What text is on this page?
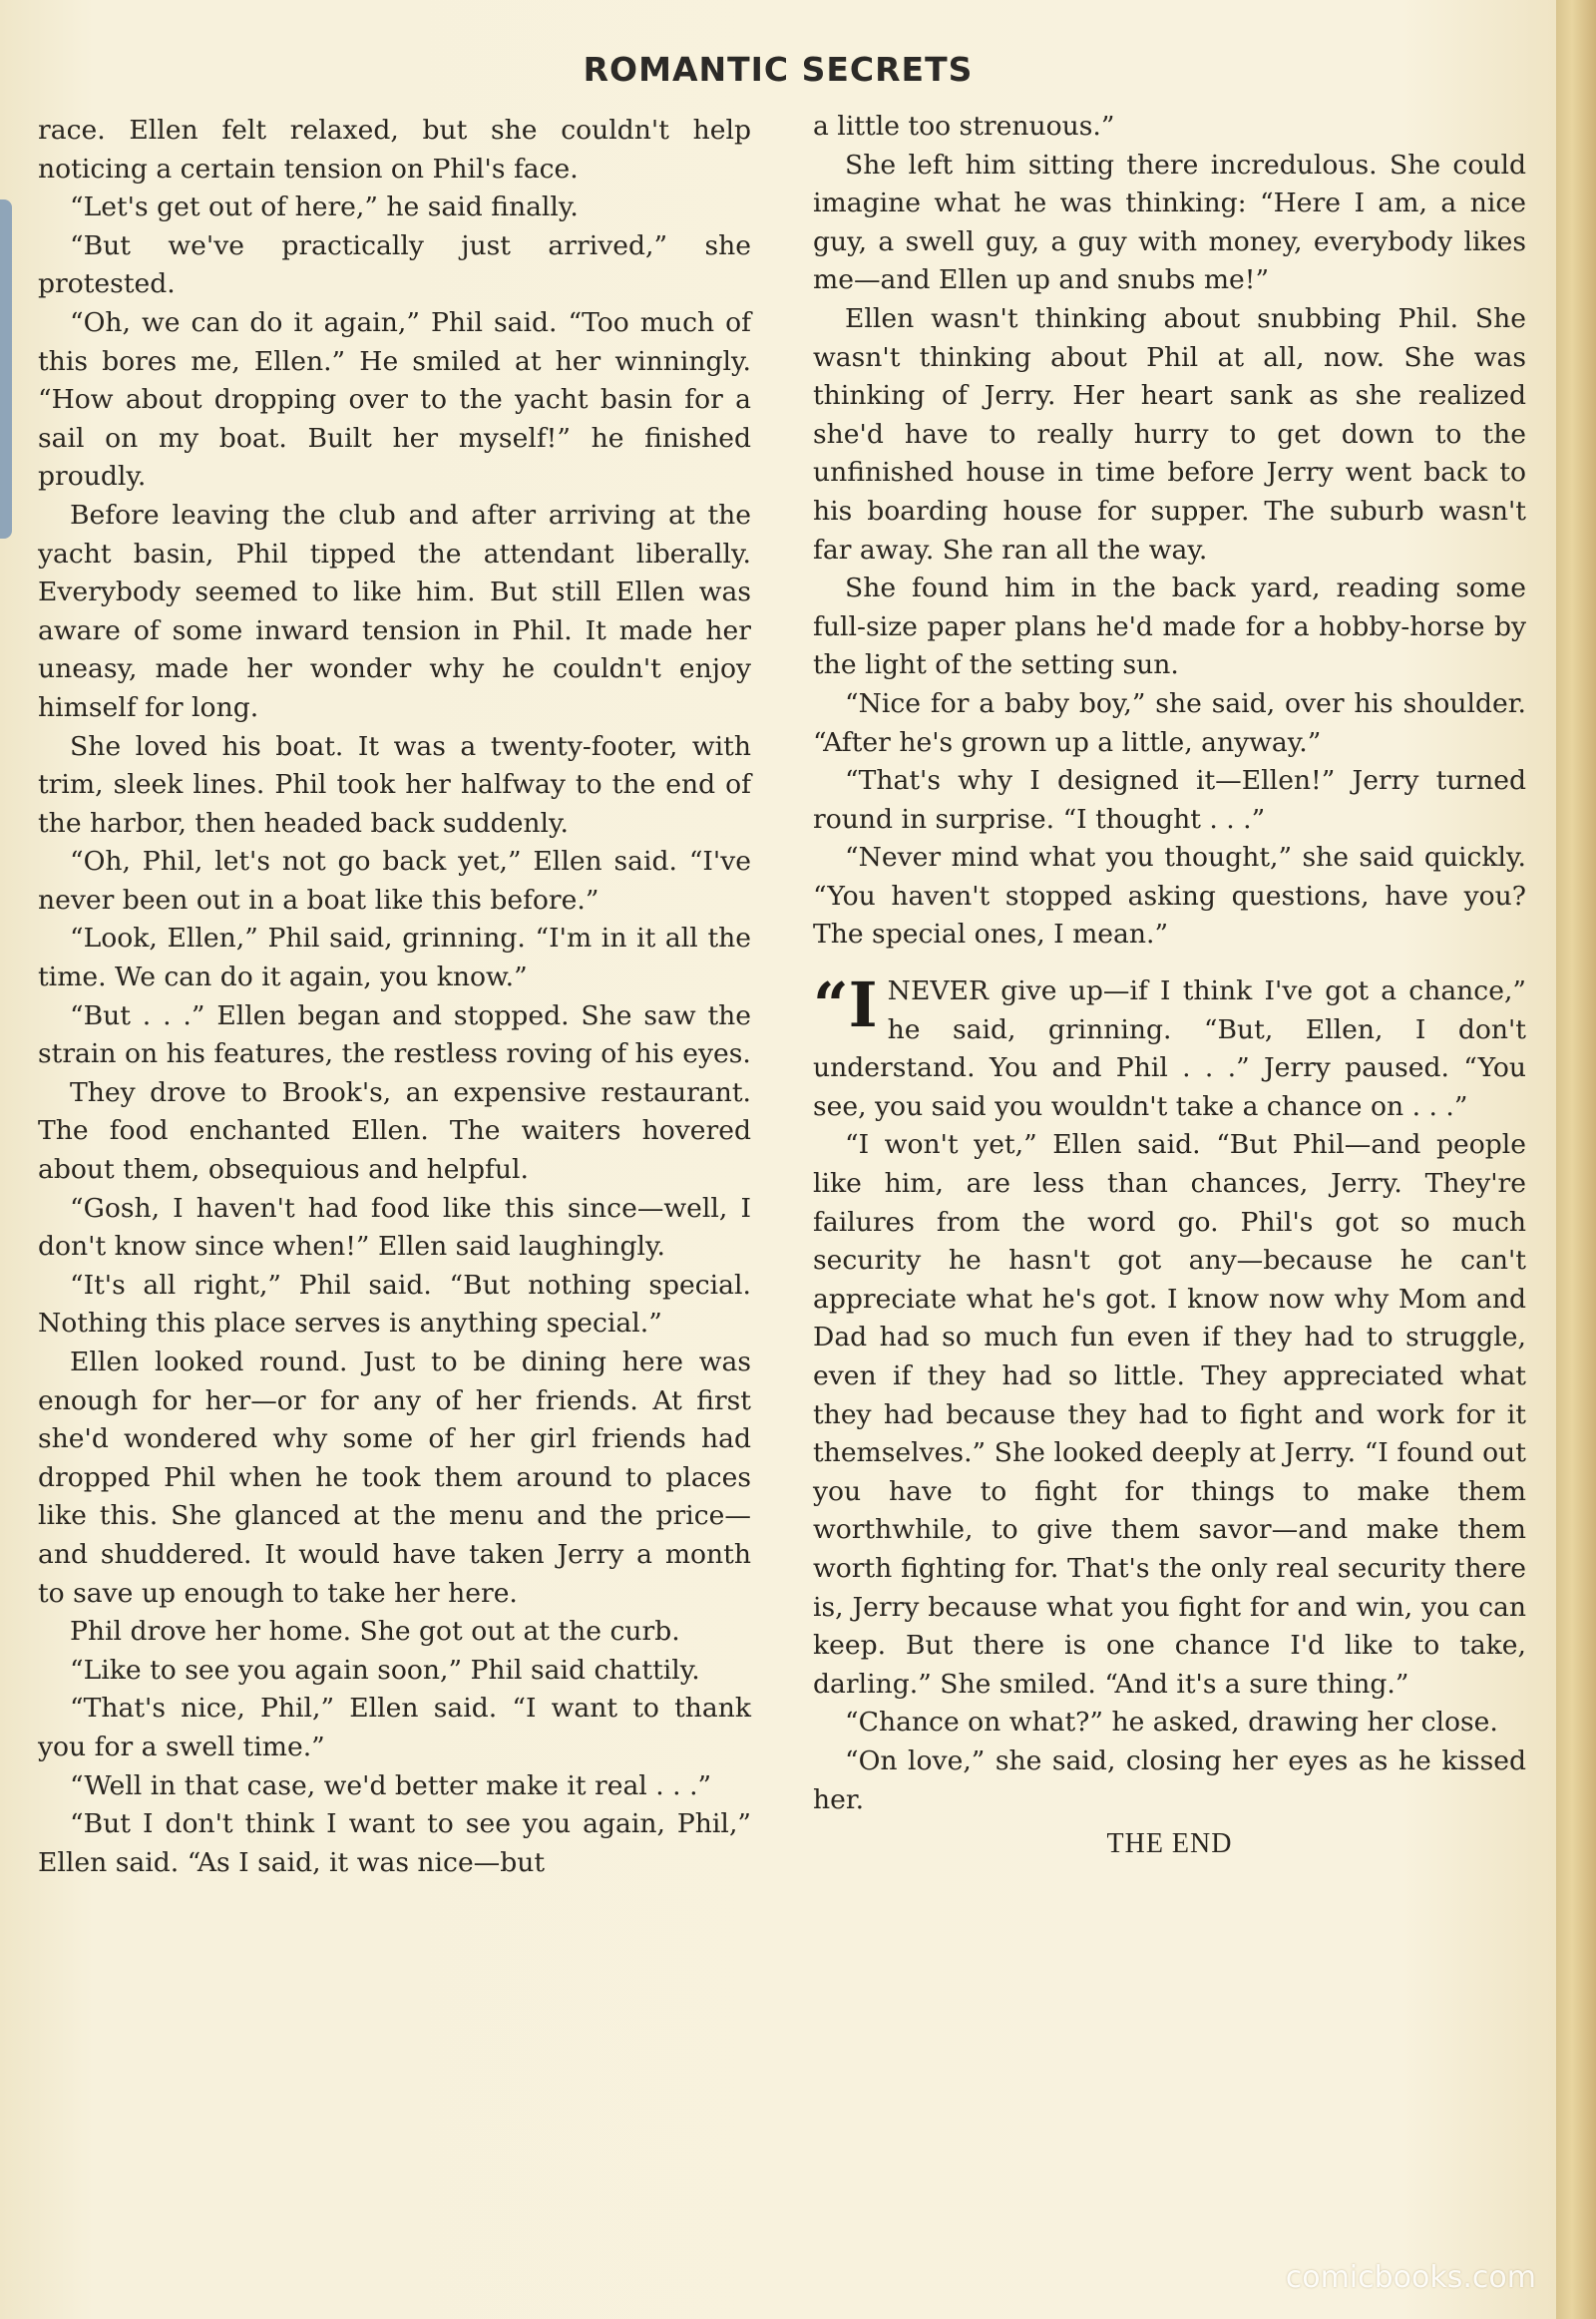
ROMANTIC SECRETS

race. Ellen felt relaxed, but she couldn't help noticing a certain tension on Phil's face.

“Let's get out of here,” he said finally.

“But we've practically just arrived,” she protested.

“Oh, we can do it again,” Phil said. “Too much of this bores me, Ellen.” He smiled at her winningly. “How about dropping over to the yacht basin for a sail on my boat. Built her myself!” he finished proudly.

Before leaving the club and after arriving at the yacht basin, Phil tipped the attendant liberally. Everybody seemed to like him. But still Ellen was aware of some inward tension in Phil. It made her uneasy, made her wonder why he couldn't enjoy himself for long.

She loved his boat. It was a twenty-footer, with trim, sleek lines. Phil took her halfway to the end of the harbor, then headed back suddenly.

“Oh, Phil, let's not go back yet,” Ellen said. “I've never been out in a boat like this before.”

“Look, Ellen,” Phil said, grinning. “I'm in it all the time. We can do it again, you know.”

“But . . .” Ellen began and stopped. She saw the strain on his features, the restless roving of his eyes.

They drove to Brook's, an expensive restaurant. The food enchanted Ellen. The waiters hovered about them, obsequious and helpful.

“Gosh, I haven't had food like this since—well, I don't know since when!” Ellen said laughingly.

“It's all right,” Phil said. “But nothing special. Nothing this place serves is anything special.”

Ellen looked round. Just to be dining here was enough for her—or for any of her friends. At first she'd wondered why some of her girl friends had dropped Phil when he took them around to places like this. She glanced at the menu and the price—and shuddered. It would have taken Jerry a month to save up enough to take her here.

Phil drove her home. She got out at the curb.

“Like to see you again soon,” Phil said chattily.

“That's nice, Phil,” Ellen said. “I want to thank you for a swell time.”

“Well in that case, we'd better make it real . . .”

“But I don't think I want to see you again, Phil,” Ellen said. “As I said, it was nice—but

a little too strenuous.”

She left him sitting there incredulous. She could imagine what he was thinking: “Here I am, a nice guy, a swell guy, a guy with money, everybody likes me—and Ellen up and snubs me!”

Ellen wasn't thinking about snubbing Phil. She wasn't thinking about Phil at all, now. She was thinking of Jerry. Her heart sank as she realized she'd have to really hurry to get down to the unfinished house in time before Jerry went back to his boarding house for supper. The suburb wasn't far away. She ran all the way.

She found him in the back yard, reading some full-size paper plans he'd made for a hobby-horse by the light of the setting sun.

“Nice for a baby boy,” she said, over his shoulder. “After he's grown up a little, anyway.”

“That's why I designed it—Ellen!” Jerry turned round in surprise. “I thought . . .”

“Never mind what you thought,” she said quickly. “You haven't stopped asking questions, have you? The special ones, I mean.”

“INEVER give up—if I think I've got a chance,” he said, grinning. “But, Ellen, I don't understand. You and Phil . . .” Jerry paused. “You see, you said you wouldn't take a chance on . . .”

“I won't yet,” Ellen said. “But Phil—and people like him, are less than chances, Jerry. They're failures from the word go. Phil's got so much security he hasn't got any—because he can't appreciate what he's got. I know now why Mom and Dad had so much fun even if they had to struggle, even if they had so little. They appreciated what they had because they had to fight and work for it themselves.” She looked deeply at Jerry. “I found out you have to fight for things to make them worthwhile, to give them savor—and make them worth fighting for. That's the only real security there is, Jerry because what you fight for and win, you can keep. But there is one chance I'd like to take, darling.” She smiled. “And it's a sure thing.”

“Chance on what?” he asked, drawing her close.

“On love,” she said, closing her eyes as he kissed her.

THE END
comicbooks.com
